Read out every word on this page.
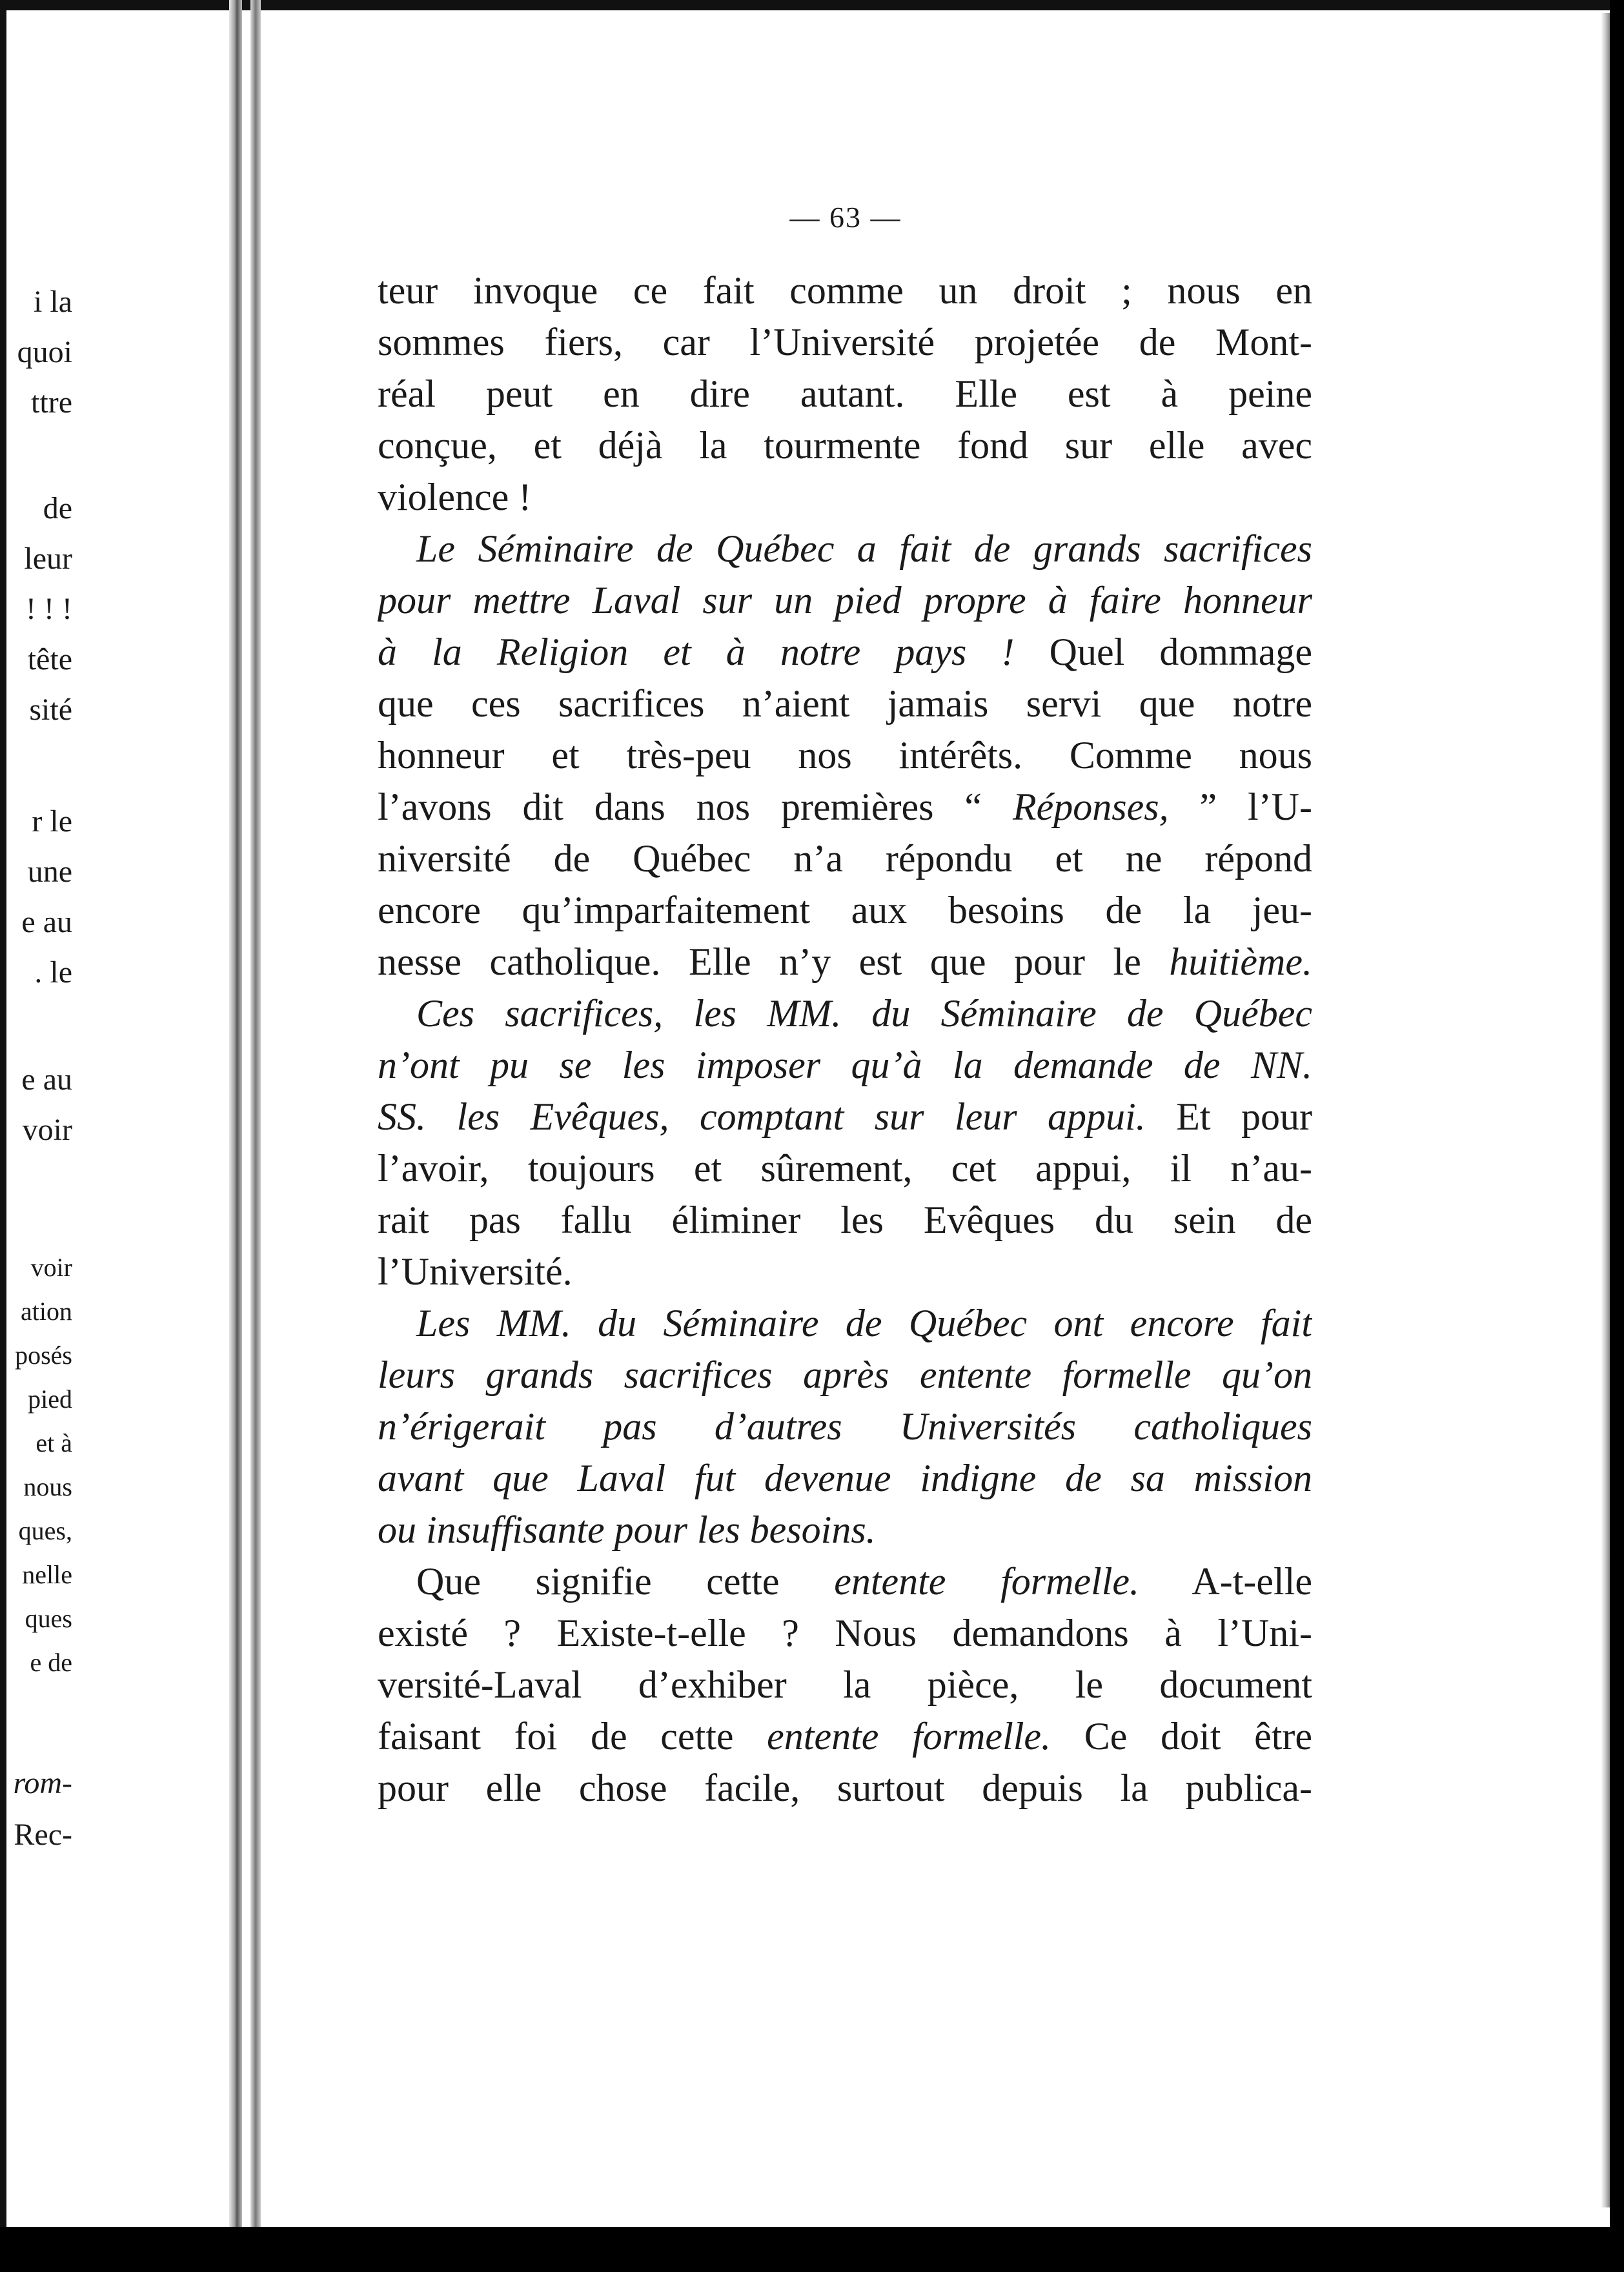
i la
quoi
ttre
de
leur
! ! !
tête
sité
r le
une
e au
. le
e au
voir
voir
ation
posés
pied
et à
nous
ques,
nelle
ques
e de
rom-
Rec-
— 63 —
teur invoque ce fait comme un droit ; nous en
sommes fiers, car l’Université projetée de Mont-
réal peut en dire autant. Elle est à peine
conçue, et déjà la tourmente fond sur elle avec
violence !
Le Séminaire de Québec a fait de grands sacrifices
pour mettre Laval sur un pied propre à faire honneur
à la Religion et à notre pays ! Quel dommage
que ces sacrifices n’aient jamais servi que notre
honneur et très-peu nos intérêts. Comme nous
l’avons dit dans nos premières “ Réponses, ” l’U-
niversité de Québec n’a répondu et ne répond
encore qu’imparfaitement aux besoins de la jeu-
nesse catholique. Elle n’y est que pour le huitième.
Ces sacrifices, les MM. du Séminaire de Québec
n’ont pu se les imposer qu’à la demande de NN.
SS. les Evêques, comptant sur leur appui. Et pour
l’avoir, toujours et sûrement, cet appui, il n’au-
rait pas fallu éliminer les Evêques du sein de
l’Université.
Les MM. du Séminaire de Québec ont encore fait
leurs grands sacrifices après entente formelle qu’on
n’érigerait pas d’autres Universités catholiques
avant que Laval fut devenue indigne de sa mission
ou insuffisante pour les besoins.
Que signifie cette entente formelle. A-t-elle
existé ? Existe-t-elle ? Nous demandons à l’Uni-
versité-Laval d’exhiber la pièce, le document
faisant foi de cette entente formelle. Ce doit être
pour elle chose facile, surtout depuis la publica-
